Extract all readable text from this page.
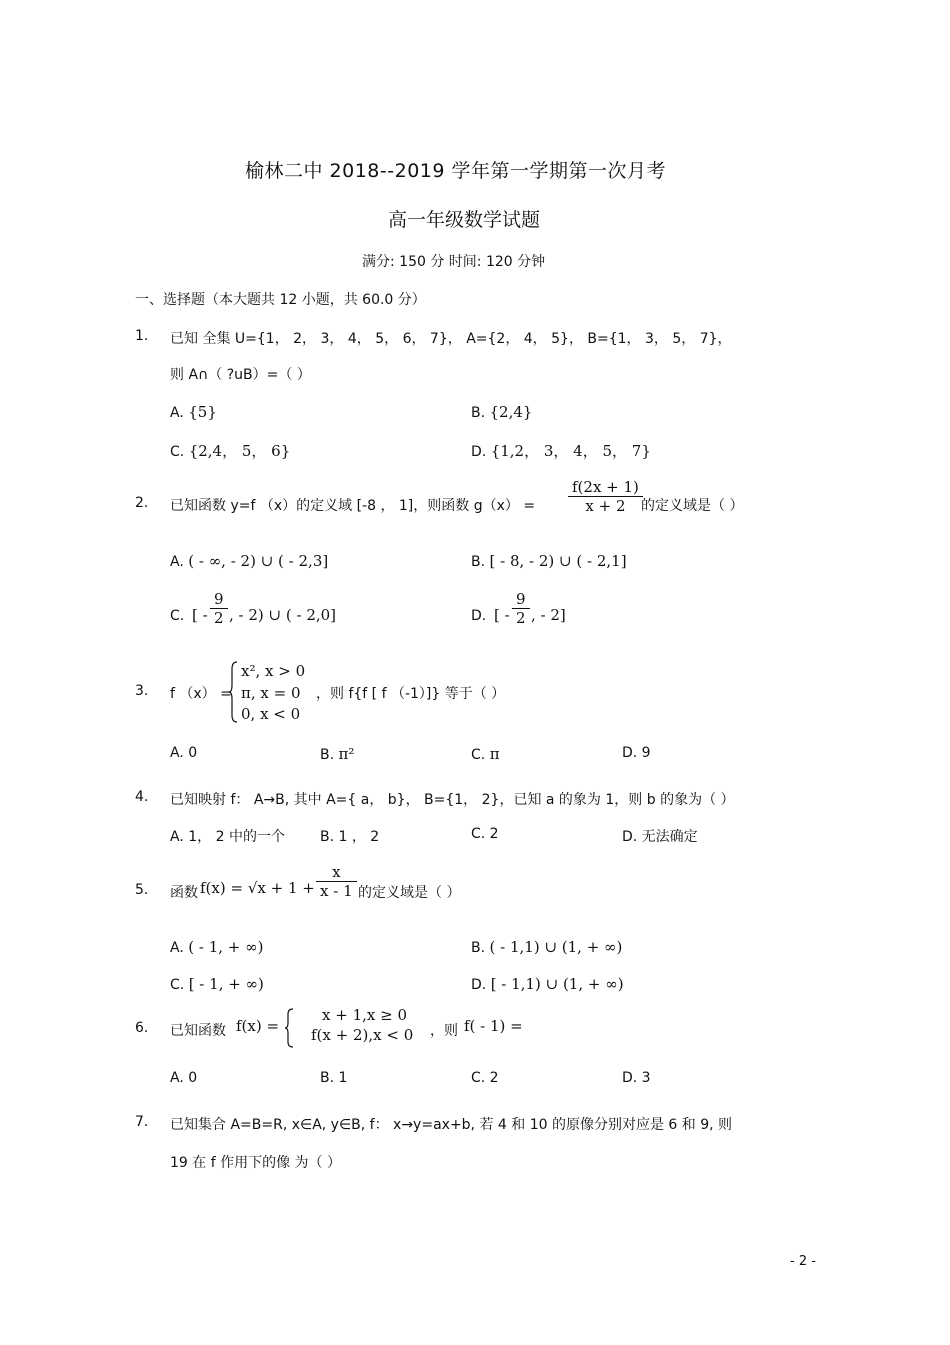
榆林二中 2018--2019 学年第一学期第一次月考
高一年级数学试题
满分: 150 分 时间: 120 分钟
一、选择题（本大题共 12 小题，共 60.0 分）
1. 已知 全集 U={1， 2， 3， 4， 5， 6， 7}， A={2， 4， 5}， B={1， 3， 5， 7}，
则 A∩（ ?uB）=（ ）
A. {5}	B. {2,4}
C. {2,4， 5， 6}	D. {1,2， 3， 4， 5， 7}
2. 已知函数 y=f （x）的定义域 [-8 ， 1]，则函数 $g(x) = \frac{f(2x + 1)}{x + 2}$
的定义域是（ ）
A. ( - ∞, - 2) ∪ ( - 2,3]	B. [ - 8, - 2) ∪ ( - 2,1]
C. [ - $\frac{9}{2}$ , - 2) ∪ ( - 2,0]	D. [ - $\frac{9}{2}$ , - 2]
3. f （x） =
x², x > 0
π, x = 0
0, x < 0
，则 f{f [ f （-1）]} 等于（ ）
A. 0	B. π²	C. π	D. 9
4. 已知映射 f： A→B, 其中 A={ a， b}， B={1， 2}，已知 a 的象为 1，则 b 的象为（ ）
A. 1， 2 中的一个	B. 1 ， 2	C. 2	D. 无法确定
5. 函数 $f(x) = √x + 1 + \frac{x}{x - 1}$ 的定义域是（ ）
A. ( - 1, + ∞)	B. ( - 1,1) ∪ (1, + ∞)
C. [ - 1, + ∞)	D. [ - 1,1) ∪ (1, + ∞)
6. 已知函数 f(x) =
x + 1,x ≥ 0
f(x + 2),x < 0 ，则 f( - 1) =
A. 0	B. 1	C. 2	D. 3
7. 已知集合 A=B=R, x∈A, y∈B, f： x→y=ax+b, 若 4 和 10 的原像分别对应是 6 和 9, 则
19 在 f 作用下的像 为（ ）
- 2 -
